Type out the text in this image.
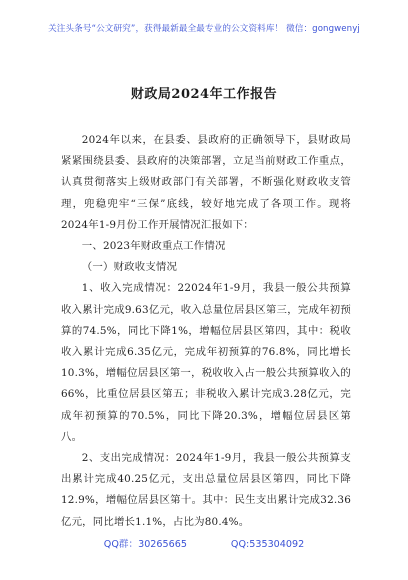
关注头条号“公文研究”，获得最新最全最专业的公文资料库！ 微信：gongwenyj
财政局2024年工作报告

2024年以来，在县委、县政府的正确领导下，县财政局紧紧围绕县委、县政府的决策部署，立足当前财政工作重点，认真贯彻落实上级财政部门有关部署，不断强化财政收支管理，兜稳兜牢“三保”底线，较好地完成了各项工作。现将2024年1-9月份工作开展情况汇报如下：

一、2023年财政重点工作情况

（一）财政收支情况

1、收入完成情况：22024年1-9月，我县一般公共预算收入累计完成9.63亿元，收入总量位居县区第三，完成年初预算的74.5%，同比下降1%，增幅位居县区第四，其中：税收收入累计完成6.35亿元，完成年初预算的76.8%，同比增长10.3%，增幅位居县区第一，税收收入占一般公共预算收入的66%，比重位居县区第五；非税收入累计完成3.28亿元，完成年初预算的70.5%，同比下降20.3%，增幅位居县区第八。

2、支出完成情况：2024年1-9月，我县一般公共预算支出累计完成40.25亿元，支出总量位居县区第四，同比下降12.9%，增幅位居县区第十。其中：民生支出累计完成32.36亿元，同比增长1.1%，占比为80.4%。

QQ群：30265665	QQ:535304092
